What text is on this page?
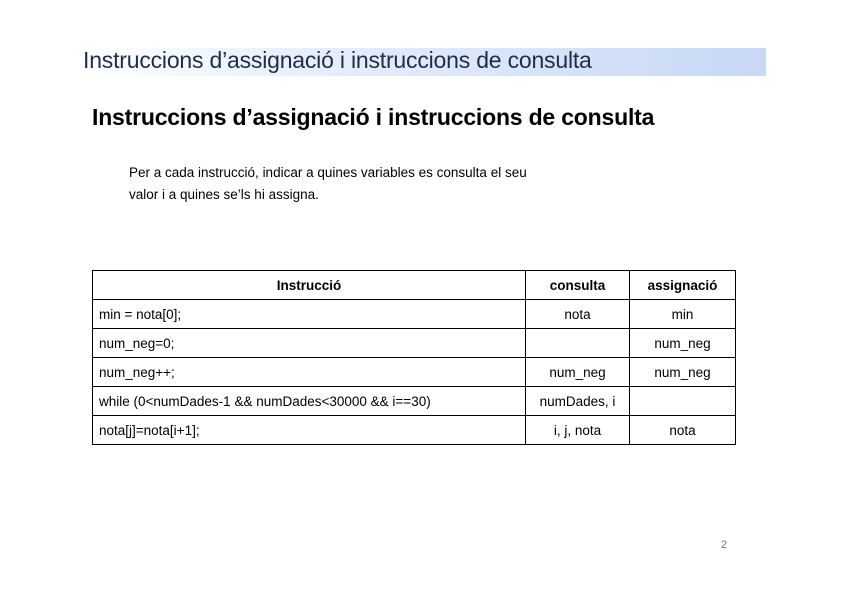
Instruccions d’assignació i instruccions de consulta
Instruccions d’assignació i instruccions de consulta
Per a cada instrucció, indicar a quines variables es consulta el seu
valor i a quines se’ls hi assigna.
Instrucció	consulta	assignació
min = nota[0];	nota	min
num_neg=0;		num_neg
num_neg++;	num_neg	num_neg
while (0<numDades-1 && numDades<30000 && i==30)	numDades, i	
nota[j]=nota[i+1];	i, j, nota	nota
2
